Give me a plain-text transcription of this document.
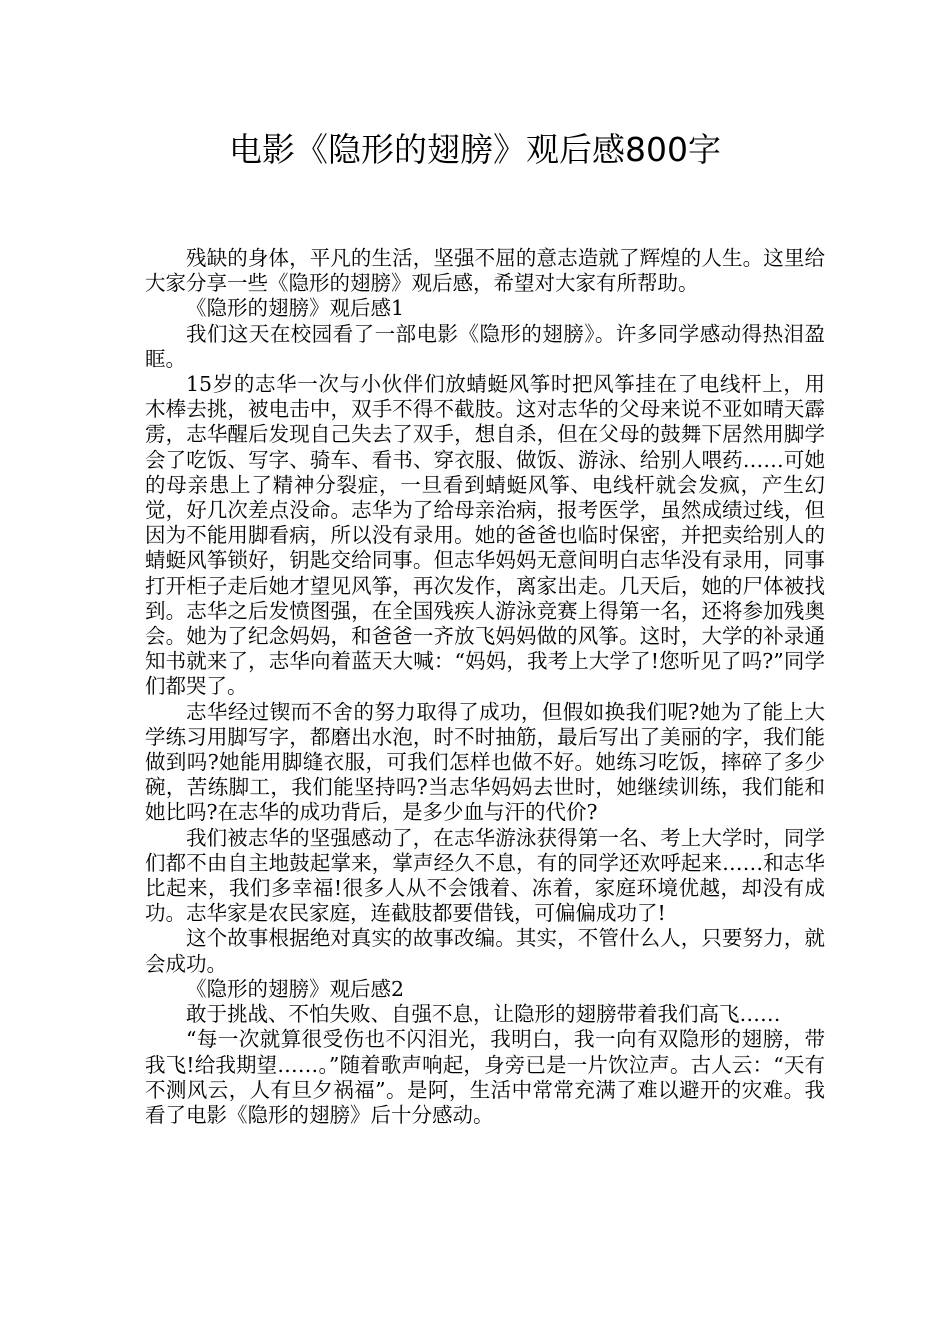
电影《隐形的翅膀》观后感800字

残缺的身体，平凡的生活，坚强不屈的意志造就了辉煌的人生。这里给大家分享一些《隐形的翅膀》观后感，希望对大家有所帮助。

《隐形的翅膀》观后感1

我们这天在校园看了一部电影《隐形的翅膀》。许多同学感动得热泪盈眶。

15岁的志华一次与小伙伴们放蜻蜓风筝时把风筝挂在了电线杆上，用木棒去挑，被电击中，双手不得不截肢。这对志华的父母来说不亚如晴天霹雳，志华醒后发现自己失去了双手，想自杀，但在父母的鼓舞下居然用脚学会了吃饭、写字、骑车、看书、穿衣服、做饭、游泳、给别人喂药……可她的母亲患上了精神分裂症，一旦看到蜻蜓风筝、电线杆就会发疯，产生幻觉，好几次差点没命。志华为了给母亲治病，报考医学，虽然成绩过线，但因为不能用脚看病，所以没有录用。她的爸爸也临时保密，并把卖给别人的蜻蜓风筝锁好，钥匙交给同事。但志华妈妈无意间明白志华没有录用，同事打开柜子走后她才望见风筝，再次发作，离家出走。几天后，她的尸体被找到。志华之后发愤图强，在全国残疾人游泳竞赛上得第一名，还将参加残奥会。她为了纪念妈妈，和爸爸一齐放飞妈妈做的风筝。这时，大学的补录通知书就来了，志华向着蓝天大喊：“妈妈，我考上大学了!您听见了吗?”同学们都哭了。

志华经过锲而不舍的努力取得了成功，但假如换我们呢?她为了能上大学练习用脚写字，都磨出水泡，时不时抽筋，最后写出了美丽的字，我们能做到吗?她能用脚缝衣服，可我们怎样也做不好。她练习吃饭，摔碎了多少碗，苦练脚工，我们能坚持吗?当志华妈妈去世时，她继续训练，我们能和她比吗?在志华的成功背后，是多少血与汗的代价?

我们被志华的坚强感动了，在志华游泳获得第一名、考上大学时，同学们都不由自主地鼓起掌来，掌声经久不息，有的同学还欢呼起来……和志华比起来，我们多幸福!很多人从不会饿着、冻着，家庭环境优越，却没有成功。志华家是农民家庭，连截肢都要借钱，可偏偏成功了!

这个故事根据绝对真实的故事改编。其实，不管什么人，只要努力，就会成功。

《隐形的翅膀》观后感2

敢于挑战、不怕失败、自强不息，让隐形的翅膀带着我们高飞……

“每一次就算很受伤也不闪泪光，我明白，我一向有双隐形的翅膀，带我飞!给我期望……。”随着歌声响起，身旁已是一片饮泣声。古人云：“天有不测风云，人有旦夕祸福”。是阿，生活中常常充满了难以避开的灾难。我看了电影《隐形的翅膀》后十分感动。
